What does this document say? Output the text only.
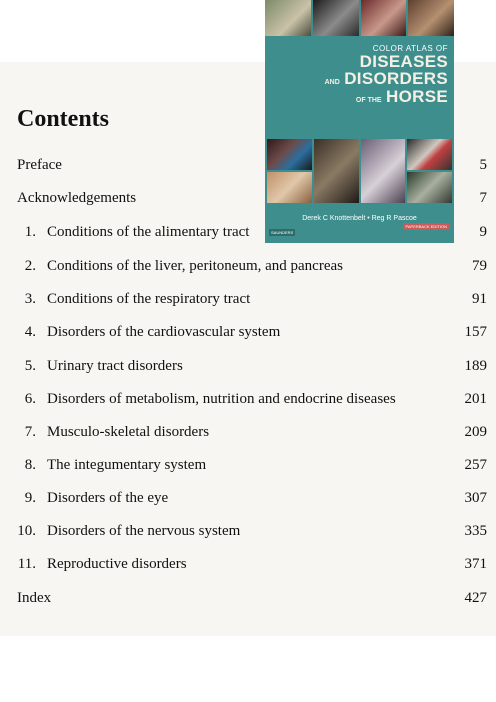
Contents
Preface	5
Acknowledgements	7
1. Conditions of the alimentary tract	9
2. Conditions of the liver, peritoneum, and pancreas	79
3. Conditions of the respiratory tract	91
4. Disorders of the cardiovascular system	157
5. Urinary tract disorders	189
6. Disorders of metabolism, nutrition and endocrine diseases	201
7. Musculo-skeletal disorders	209
8. The integumentary system	257
9. Disorders of the eye	307
10. Disorders of the nervous system	335
11. Reproductive disorders	371
Index	427
COLOR ATLAS OF
DISEASES
AND DISORDERS
OF THE HORSE
Derek C Knottenbelt • Reg R Pascoe
PAPERBACK EDITION
SAUNDERS
